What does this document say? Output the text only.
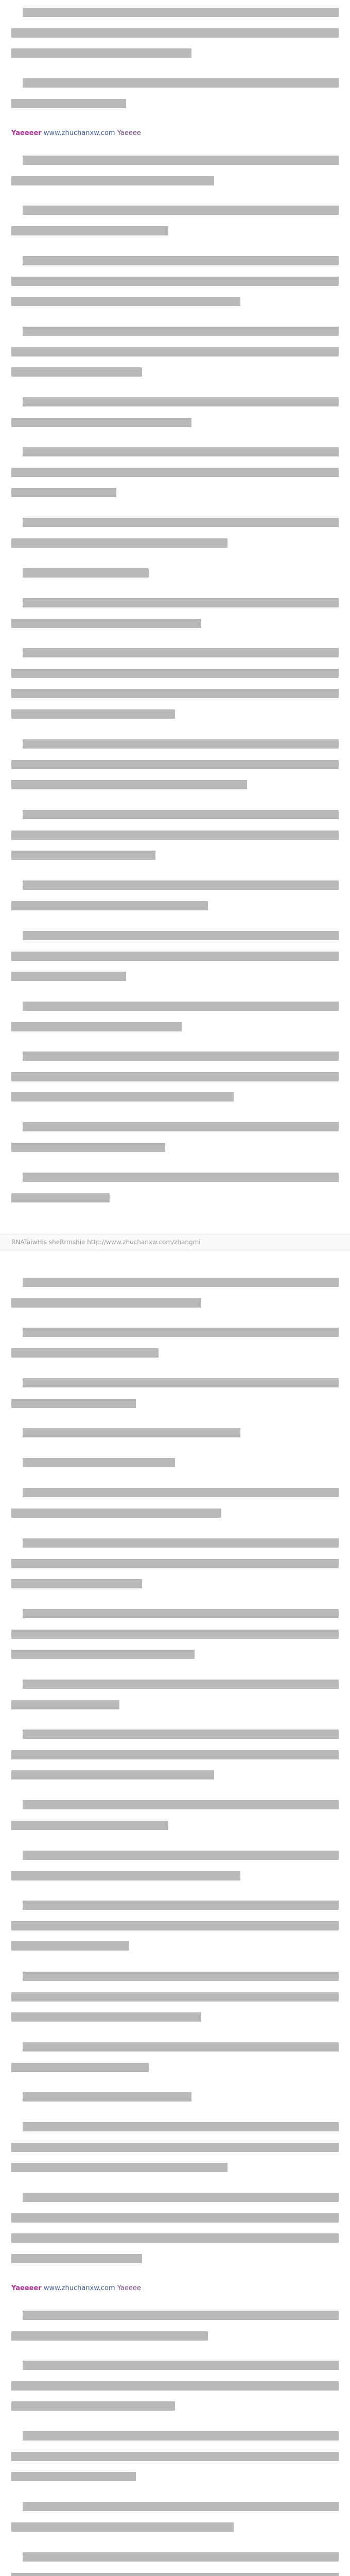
Yaeeeer www.zhuchanxw.com Yaeeee
RNATaiwHis sheRrmshie http://www.zhuchanxw.com/zhangmi
Yaeeeer www.zhuchanxw.com Yaeeee
